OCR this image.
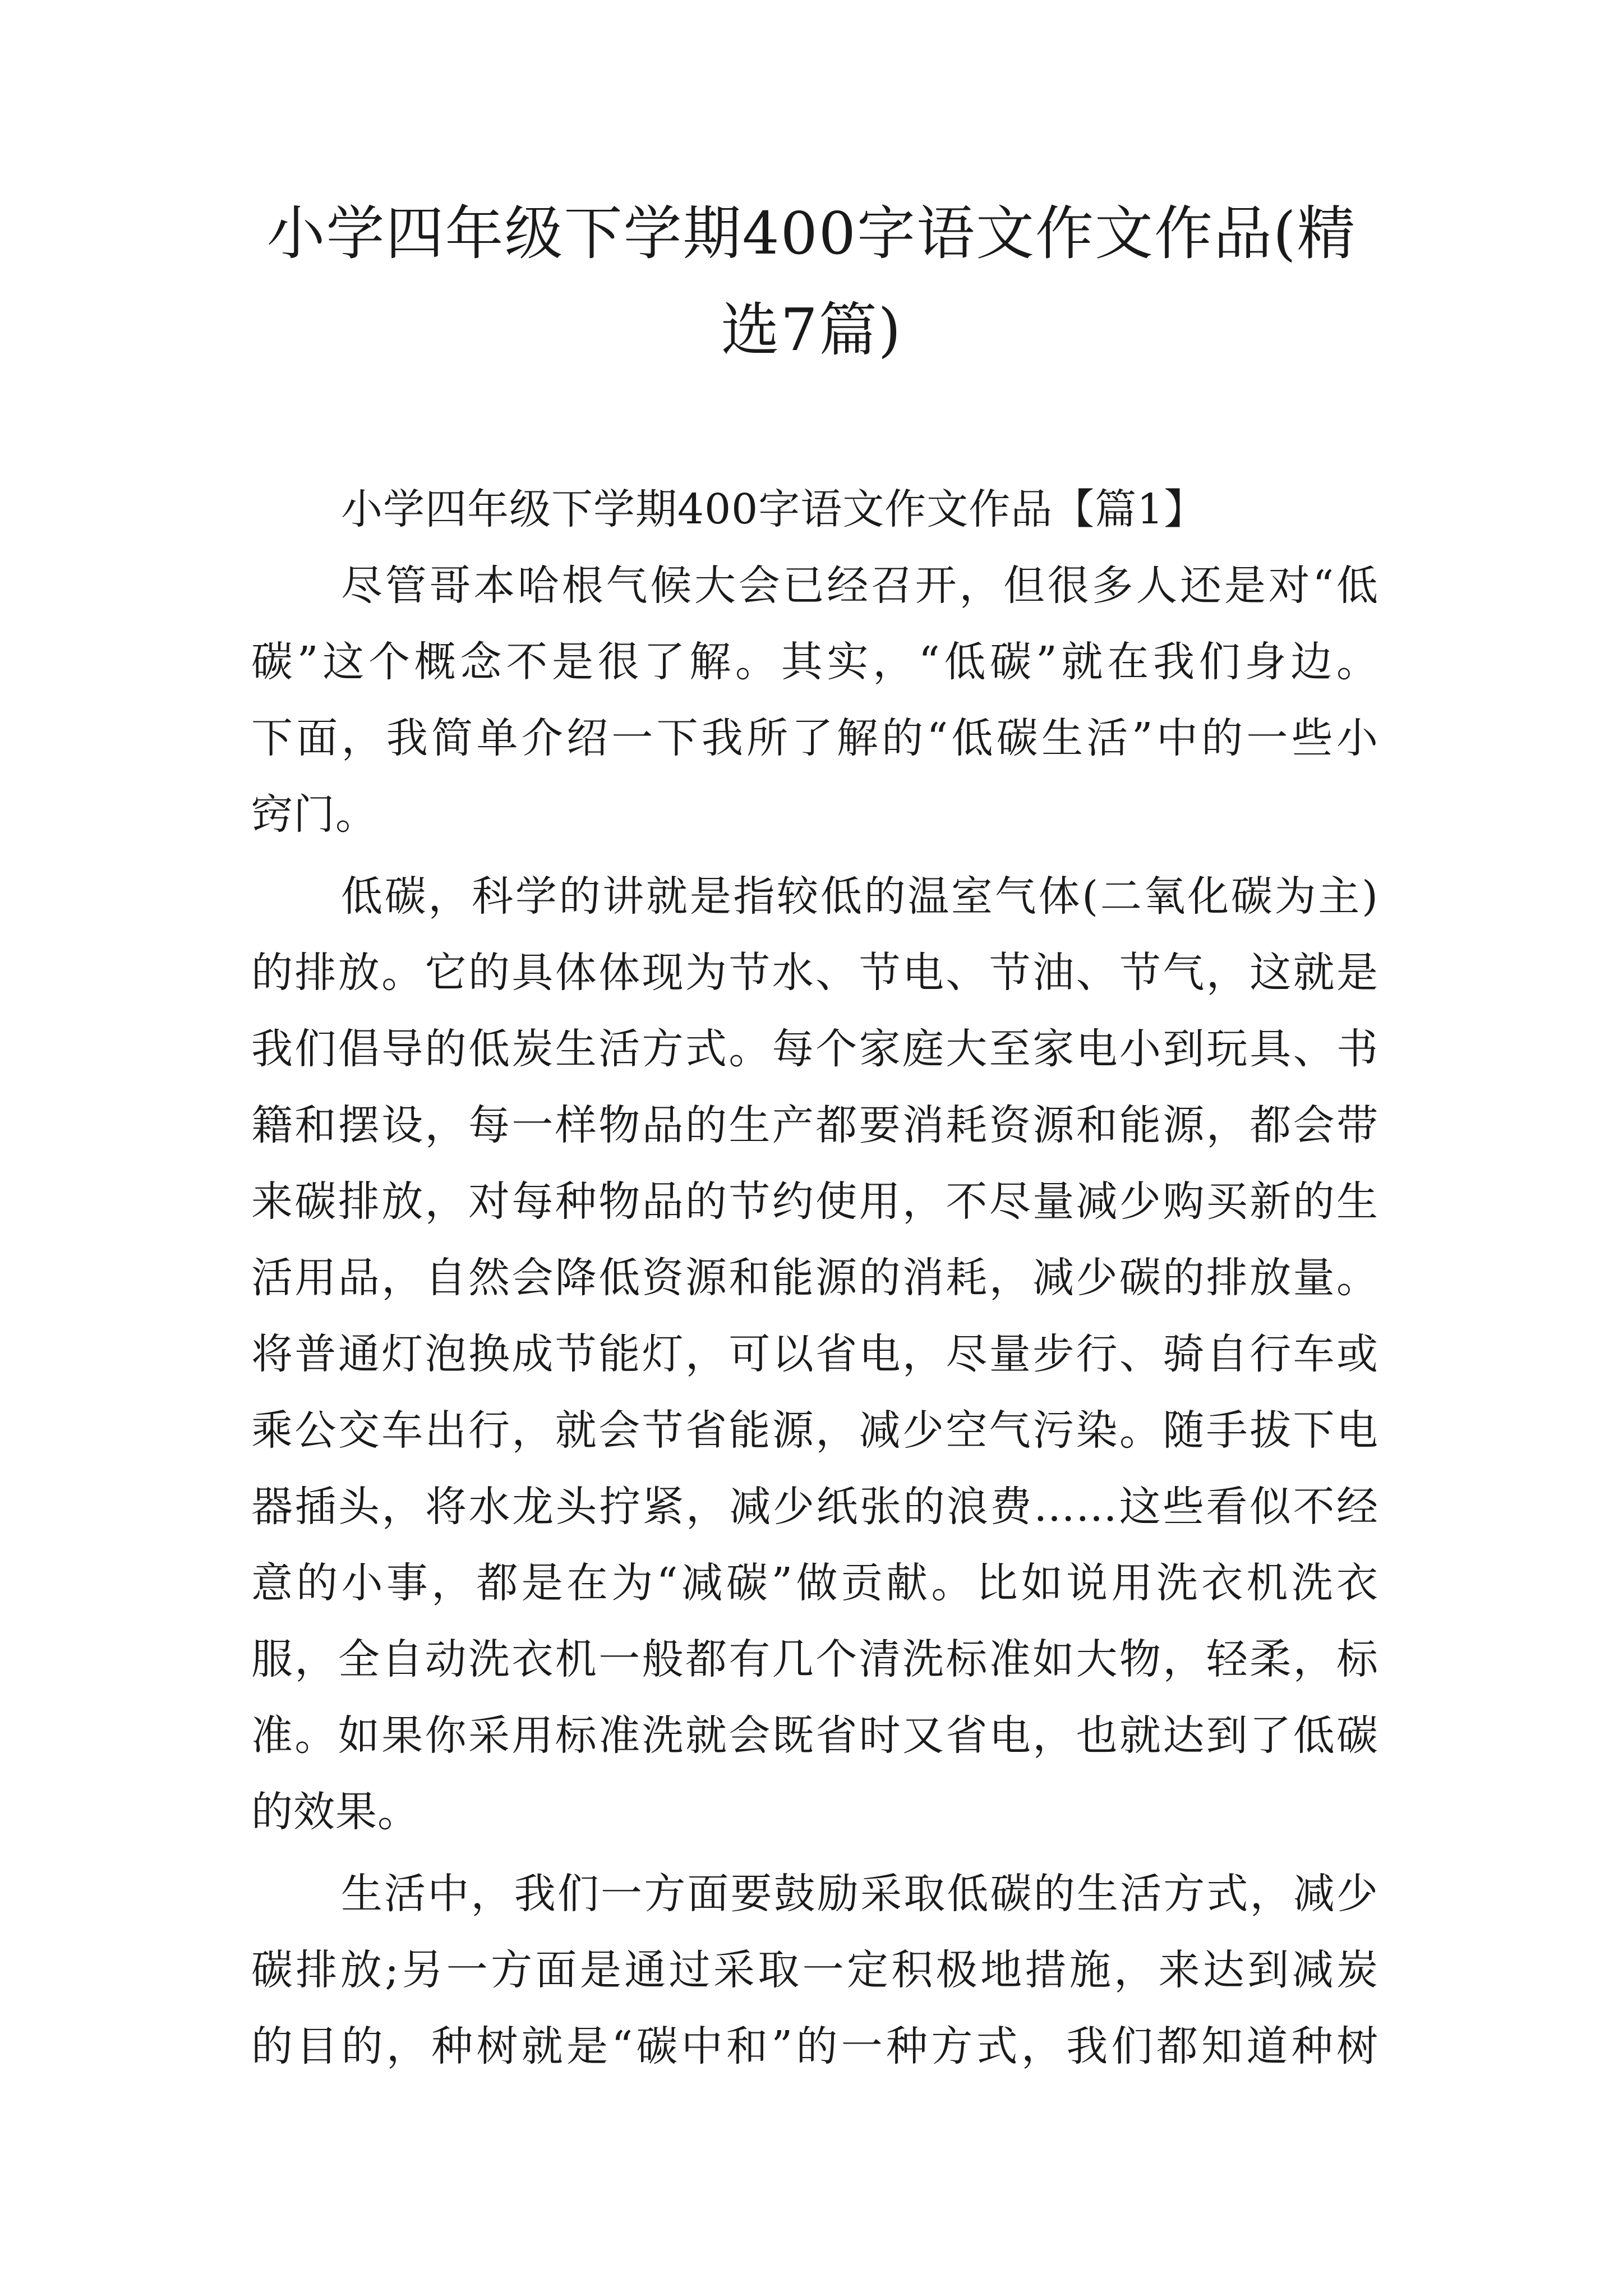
小学四年级下学期400字语文作文作品(精
选7篇)
小学四年级下学期400字语文作文作品【篇1】
尽管哥本哈根气候大会已经召开，但很多人还是对“低
碳”这个概念不是很了解。其实，“低碳”就在我们身边。
下面，我简单介绍一下我所了解的“低碳生活”中的一些小
窍门。
低碳，科学的讲就是指较低的温室气体(二氧化碳为主)
的排放。它的具体体现为节水、节电、节油、节气，这就是
我们倡导的低炭生活方式。每个家庭大至家电小到玩具、书
籍和摆设，每一样物品的生产都要消耗资源和能源，都会带
来碳排放，对每种物品的节约使用，不尽量减少购买新的生
活用品，自然会降低资源和能源的消耗，减少碳的排放量。
将普通灯泡换成节能灯，可以省电，尽量步行、骑自行车或
乘公交车出行，就会节省能源，减少空气污染。随手拔下电
器插头，将水龙头拧紧，减少纸张的浪费……这些看似不经
意的小事，都是在为“减碳”做贡献。比如说用洗衣机洗衣
服，全自动洗衣机一般都有几个清洗标准如大物，轻柔，标
准。如果你采用标准洗就会既省时又省电，也就达到了低碳
的效果。
生活中，我们一方面要鼓励采取低碳的生活方式，减少
碳排放;另一方面是通过采取一定积极地措施，来达到减炭
的目的，种树就是“碳中和”的一种方式，我们都知道种树
